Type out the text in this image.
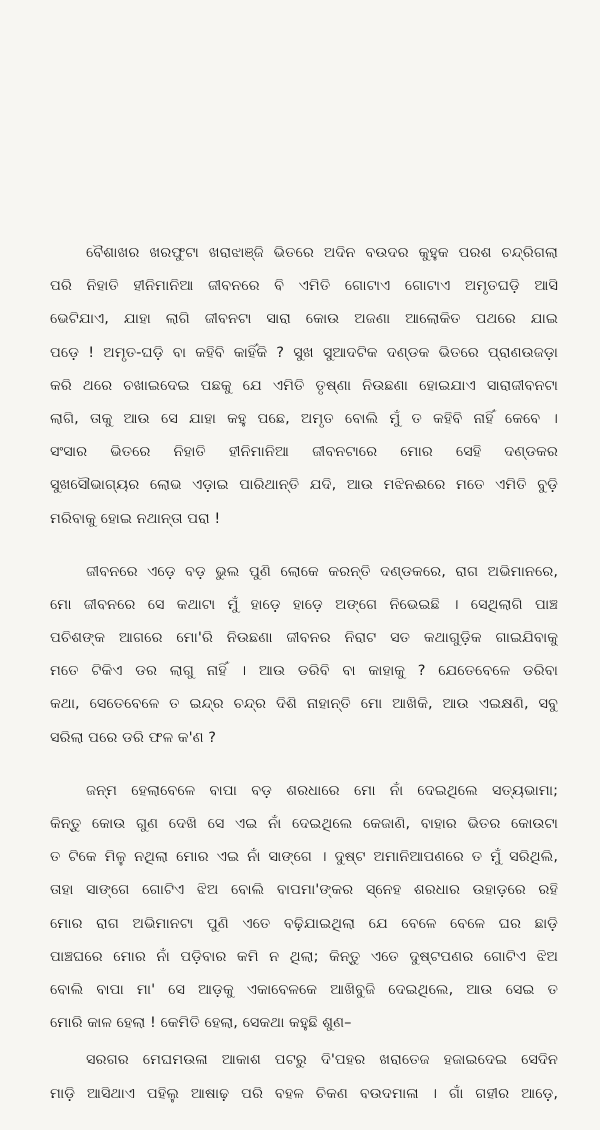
ବୈଶାଖର ଖରଫୁଟା ଖରାଝାଞ୍ଜି ଭିତରେ ଅଦିନ ବଉଦର କୁହୁକ ପରଶ ଚନ୍ଦ୍ରିଗଲା
ପରି ନିହାତି ହୀନିମାନିଆ ଜୀବନରେ ବି ଏମିତି ଗୋଟାଏ ଗୋଟାଏ ଅମୃତଘଡ଼ି ଆସି
ଭେଟିଯାଏ, ଯାହା ଲାଗି ଜୀବନଟା ସାରା କୋଉ ଅଜଣା ଆଲୋକିତ ପଥରେ ଯାଇ
ପଡ଼େ ! ଅମୃତ-ଘଡ଼ି ବା କହିବି କାହିଁକି ? ସୁଖ ସୁଆଦଟିକ ଦଣ୍ଡକ ଭିତରେ ପ୍ରାଣଉଜଡ଼ା
କରି ଥରେ ଚଖାଇଦେଇ ପଛକୁ ଯେ ଏମିତି ତୃଷ୍ଣା ନିଉଛଣା ହୋଇଯାଏ ସାରାଜୀବନଟା
ଲାଗି, ତାକୁ ଆଉ ସେ ଯାହା କହୁ ପଛେ, ଅମୃତ ବୋଲି ମୁଁ ତ କହିବି ନାହିଁ କେବେ ।
ସଂସାର ଭିତରେ ନିହାତି ହୀନିମାନିଆ ଜୀବନଟାରେ ମୋର ସେହି ଦଣ୍ଡକର
ସୁଖସୌଭାଗ୍ୟର ଲୋଭ ଏଡ଼ାଇ ପାରିଥାନ୍ତି ଯଦି, ଆଉ ମଝିନଈରେ ମତେ ଏମିତି ବୁଡ଼ି
ମରିବାକୁ ହୋଇ ନଥାନ୍ତା ପରା !

ଜୀବନରେ ଏଡ଼େ ବଡ଼ ଭୁଲ ପୁଣି ଲୋକେ କରନ୍ତି ଦଣ୍ଡକରେ, ରାଗ ଅଭିମାନରେ,
ମୋ ଜୀବନରେ ସେ କଥାଟା ମୁଁ ହାଡ଼େ ହାଡ଼େ ଅଙ୍ଗେ ନିଭେଇଛି । ସେଥିଲାଗି ପାଞ୍ଚ
ପଚିଶଙ୍କ ଆଗରେ ମୋ'ରି ନିଉଛଣା ଜୀବନର ନିରାଟ ସତ କଥାଗୁଡ଼ିକ ଗାଇଯିବାକୁ
ମତେ ଟିକିଏ ଡର ଲାଗୁ ନାହିଁ । ଆଉ ଡରିବି ବା କାହାକୁ ? ଯେତେବେଳେ ଡରିବା
କଥା, ସେତେବେଳେ ତ ଇନ୍ଦ୍ର ଚନ୍ଦ୍ର ଦିଶି ନାହାନ୍ତି ମୋ ଆଖିକି, ଆଉ ଏଇକ୍ଷଣି, ସବୁ
ସରିଲା ପରେ ଡରି ଫଳ କ'ଣ ?

ଜନ୍ମ ହେଲାବେଳେ ବାପା ବଡ଼ ଶରଧାରେ ମୋ ନାଁ ଦେଇଥିଲେ ସତ୍ୟଭାମା;
କିନ୍ତୁ କୋଉ ଗୁଣ ଦେଖି ସେ ଏଇ ନାଁ ଦେଇଥିଲେ କେଜାଣି, ବାହାର ଭିତର କୋଉଟା
ତ ଟିକେ ମିଳୁ ନଥିଲା ମୋର ଏଇ ନାଁ ସାଙ୍ଗେ । ଦୁଷ୍ଟ ଅମାନିଆପଣରେ ତ ମୁଁ ସରିଥିଲି,
ତାହା ସାଙ୍ଗେ ଗୋଟିଏ ଝିଅ ବୋଲି ବାପମା'ଙ୍କର ସ୍ନେହ ଶରଧାର ଉହାଡ଼ରେ ରହି
ମୋର ରାଗ ଅଭିମାନଟା ପୁଣି ଏତେ ବଢ଼ିଯାଇଥିଲା ଯେ ବେଳେ ବେଳେ ଘର ଛାଡ଼ି
ପାଞ୍ଚଘରେ ମୋର ନାଁ ପଡ଼ିବାର କମି ନ ଥିଲା; କିନ୍ତୁ ଏତେ ଦୁଷ୍ଟପଣର ଗୋଟିଏ ଝିଅ
ବୋଲି ବାପା ମା' ସେ ଆଡ଼କୁ ଏକାବେଳକେ ଆଖିବୁଜି ଦେଇଥିଲେ, ଆଉ ସେଇ ତ
ମୋରି କାଳ ହେଲା ! କେମିତି ହେଲା, ସେକଥା କହୁଛି ଶୁଣ–

ସରଗର ମେଘମଉଳା ଆକାଶ ପଟରୁ ଦି'ପହର ଖରାତେଜ ହଜାଇଦେଇ ସେଦିନ
ମାଡ଼ି ଆସିଥାଏ ପହିଲୁ ଆଷାଢ଼ ପରି ବହଳ ଚିକଣ ବଉଦମାଳା । ଗାଁ ଗହୀର ଆଡ଼େ,
